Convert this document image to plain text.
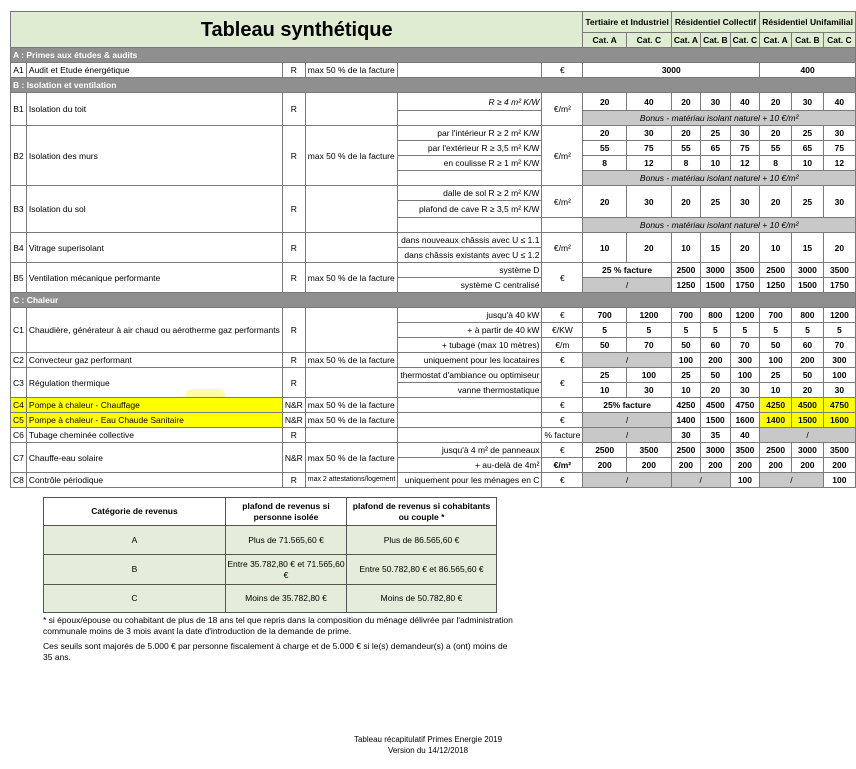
Tableau synthétique						Tertiaire et Industriel		Résidentiel Collectif			Résidentiel Unifamilial		
						Cat. A	Cat. C	Cat. A	Cat. B	Cat. C	Cat. A	Cat. B	Cat. C
A : Primes aux études & audits													
A1	Audit et Etude énergétique	R	max 50 % de la facture		€	3000					400		
B : Isolation et ventilation													
B1	Isolation du toit	R		R ≥ 4 m² K/W	€/m²	20	40	20	30	40	20	30	40
						Bonus - matériau isolant naturel + 10 €/m²							
B2	Isolation des murs	R	max 50 % de la facture	par l'intérieur R ≥ 2 m² K/W	€/m²	20	30	20	25	30	20	25	30
				par l'extérieur R ≥ 3,5 m² K/W		55	75	55	65	75	55	65	75
				en coulisse R ≥ 1 m² K/W		8	12	8	10	12	8	10	12
						Bonus - matériau isolant naturel + 10 €/m²							
B3	Isolation du sol	R		dalle de sol R ≥ 2 m² K/W	€/m²	20	30	20	25	30	20	25	30
				plafond de cave R ≥ 3,5 m² K/W									
						Bonus - matériau isolant naturel + 10 €/m²							
B4	Vitrage superisolant	R		dans nouveaux châssis avec U ≤ 1.1	€/m²	10	20	10	15	20	10	15	20
				dans châssis existants avec U ≤ 1.2									
B5	Ventilation mécanique performante	R	max 50 % de la facture	système D	€	25 % facture		2500	3000	3500	2500	3000	3500
				système C centralisé		/		1250	1500	1750	1250	1500	1750
C : Chaleur													
C1	Chaudière, générateur à air chaud ou aérotherme gaz performants	R		jusqu'à 40 kW	€	700	1200	700	800	1200	700	800	1200
				+ à partir de 40 kW	€/KW	5	5	5	5	5	5	5	5
				+ tubage (max 10 mètres)	€/m	50	70	50	60	70	50	60	70
C2	Convecteur gaz performant	R	max 50 % de la facture	uniquement pour les locataires	€	/		100	200	300	100	200	300
C3	Régulation thermique	R		thermostat d'ambiance ou optimiseur	€	25	100	25	50	100	25	50	100
				vanne thermostatique		10	30	10	20	30	10	20	30
C4	Pompe à chaleur - Chauffage	N&R	max 50 % de la facture		€	25% facture		4250	4500	4750	4250	4500	4750
C5	Pompe à chaleur - Eau Chaude Sanitaire	N&R	max 50 % de la facture		€	/		1400	1500	1600	1400	1500	1600
C6	Tubage cheminée collective	R			% facture	/		30	35	40	/		
C7	Chauffe-eau solaire	N&R	max 50 % de la facture	jusqu'à 4 m² de panneaux	€	2500	3500	2500	3000	3500	2500	3000	3500
				+ au-delà de 4m²	€/m²	200	200	200	200	200	200	200	200
C8	Contrôle périodique	R	max 2 attestations/logement	uniquement pour les ménages en C	€	/		/		100	/		100
Catégorie de revenus	plafond de revenus si personne isolée	plafond de revenus si cohabitants ou couple *
A	Plus de 71.565,60 €	Plus de 86.565,60 €
B	Entre 35.782,80 € et 71.565,60 €	Entre 50.782,80 € et 86.565,60 €
C	Moins de 35.782,80 €	Moins de 50.782,80 €
* si époux/épouse ou cohabitant de plus de 18 ans tel que repris dans la composition du ménage délivrée par l'administration communale moins de 3 mois avant la date d'introduction de la demande de prime.
Ces seuils sont majorés de 5.000 € par personne fiscalement à charge et de 5.000 € si le(s) demandeur(s) a (ont) moins de 35 ans.
Tableau récapitulatif Primes Energie 2019
Version du 14/12/2018
